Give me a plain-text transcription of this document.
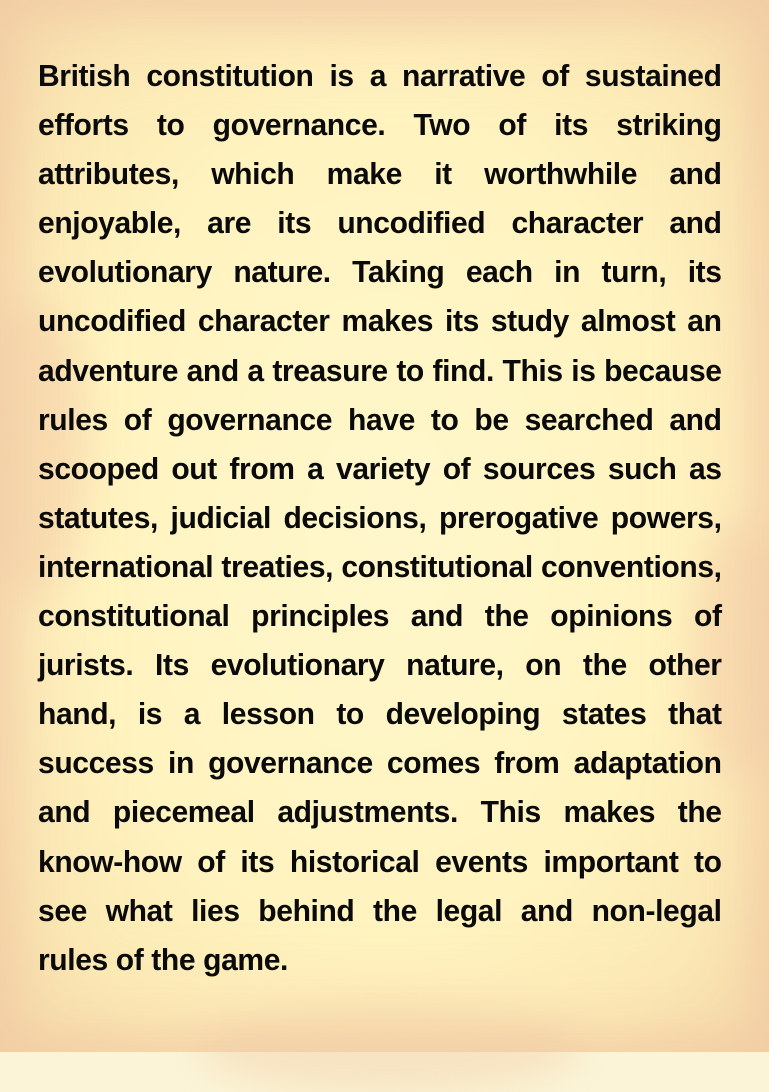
British constitution is a narrative of sustained efforts to governance. Two of its striking attributes, which make it worthwhile and enjoyable, are its uncodified character and evolutionary nature. Taking each in turn, its uncodified character makes its study almost an adventure and a treasure to find. This is because rules of governance have to be searched and scooped out from a variety of sources such as statutes, judicial decisions, prerogative powers, international treaties, constitutional conventions, constitutional principles and the opinions of jurists. Its evolutionary nature, on the other hand, is a lesson to developing states that success in governance comes from adaptation and piecemeal adjustments. This makes the know-how of its historical events important to see what lies behind the legal and non-legal rules of the game.
